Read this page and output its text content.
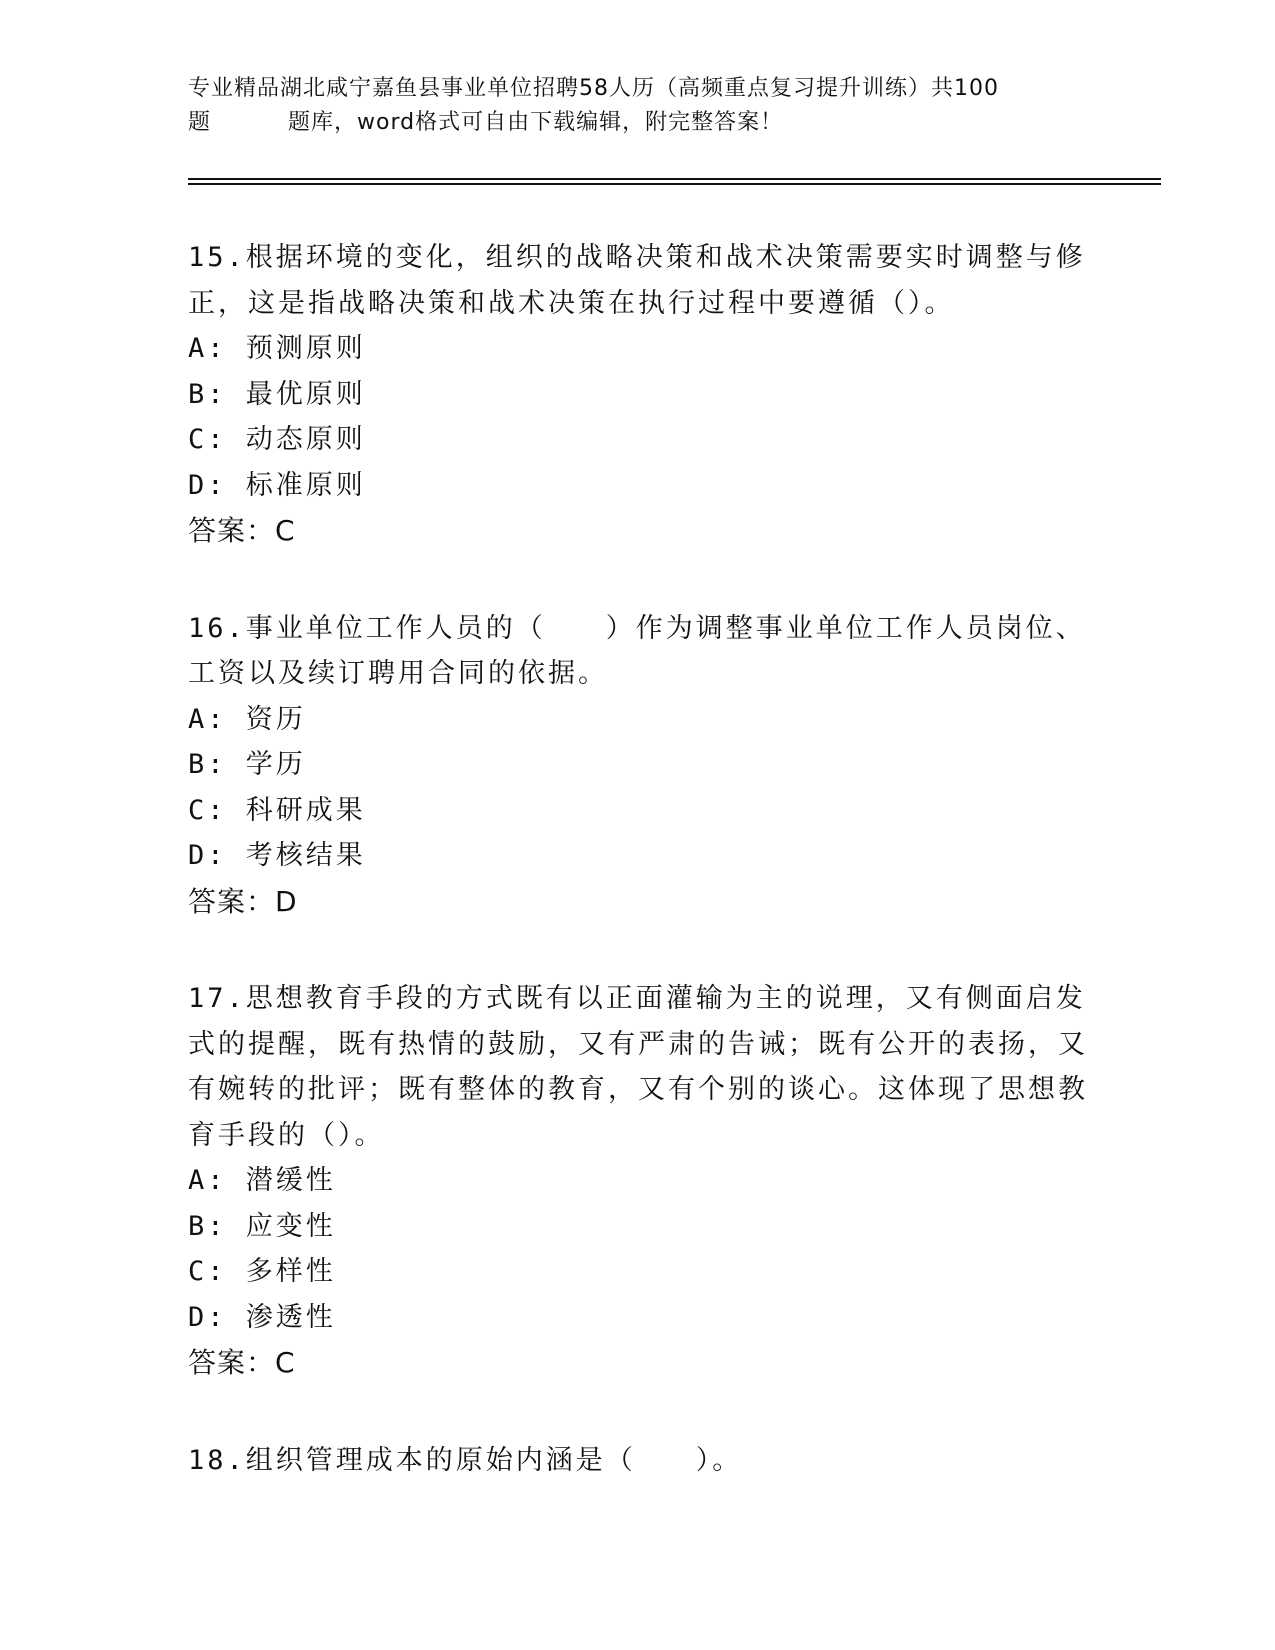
专业精品湖北咸宁嘉鱼县事业单位招聘58人历（高频重点复习提升训练）共100
题	题库，word格式可自由下载编辑，附完整答案！

15.根据环境的变化，组织的战略决策和战术决策需要实时调整与修正，这是指战略决策和战术决策在执行过程中要遵循（）。

A: 预测原则
B: 最优原则
C: 动态原则
D: 标准原则
答案：C

16.事业单位工作人员的（　　）作为调整事业单位工作人员岗位、工资以及续订聘用合同的依据。

A: 资历
B: 学历
C: 科研成果
D: 考核结果
答案：D

17.思想教育手段的方式既有以正面灌输为主的说理，又有侧面启发式的提醒，既有热情的鼓励，又有严肃的告诫；既有公开的表扬，又有婉转的批评；既有整体的教育，又有个别的谈心。这体现了思想教育手段的（）。

A: 潜缓性
B: 应变性
C: 多样性
D: 渗透性
答案：C

18.组织管理成本的原始内涵是（　　）。
